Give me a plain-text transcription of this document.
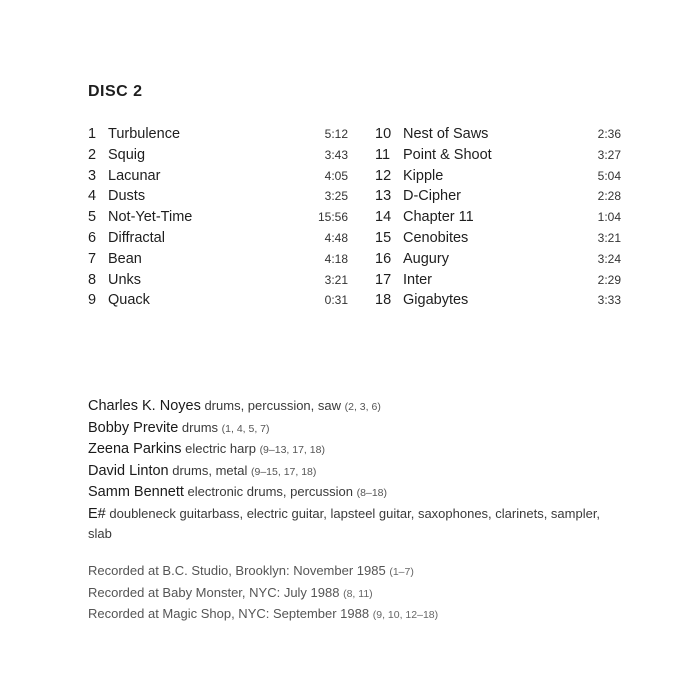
DISC 2
1 Turbulence	5:12
2 Squig	3:43
3 Lacunar	4:05
4 Dusts	3:25
5 Not-Yet-Time	15:56
6 Diffractal	4:48
7 Bean	4:18
8 Unks	3:21
9 Quack	0:31
10 Nest of Saws	2:36
11 Point & Shoot	3:27
12 Kipple	5:04
13 D-Cipher	2:28
14 Chapter 11	1:04
15 Cenobites	3:21
16 Augury	3:24
17 Inter	2:29
18 Gigabytes	3:33
Charles K. Noyes drums, percussion, saw (2, 3, 6)
Bobby Previte drums (1, 4, 5, 7)
Zeena Parkins electric harp (9–13, 17, 18)
David Linton drums, metal (9–15, 17, 18)
Samm Bennett electronic drums, percussion (8–18)
E# doubleneck guitarbass, electric guitar, lapsteel guitar, saxophones, clarinets, sampler, slab
Recorded at B.C. Studio, Brooklyn: November 1985 (1–7)
Recorded at Baby Monster, NYC: July 1988 (8, 11)
Recorded at Magic Shop, NYC: September 1988 (9, 10, 12–18)
